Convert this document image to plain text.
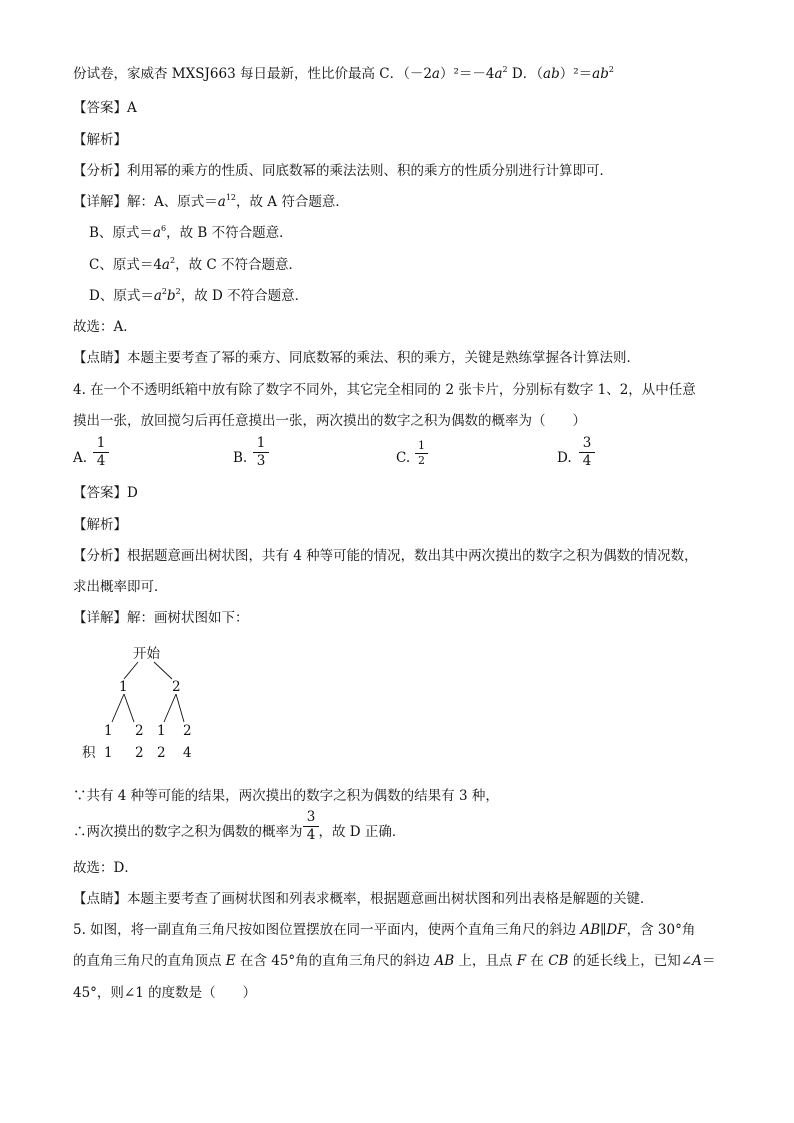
份试卷，家威杏 MXSJ663 每日最新，性比价最高 C．$(-2a)^2=-4a^2$ D．$(ab)^2=ab^2$
【答案】A
【解析】
【分析】利用幂的乘方的性质、同底数幂的乘法法则、积的乘方的性质分别进行计算即可．
【详解】解：A、原式$=a^{12}$，故 A 符合题意．
B、原式$=a^6$，故 B 不符合题意．
C、原式$=4a^2$，故 C 不符合题意．
D、原式$=a^2b^2$，故 D 不符合题意．
故选：A．
【点睛】本题主要考查了幂的乘方、同底数幂的乘法、积的乘方，关键是熟练掌握各计算法则．
4. 在一个不透明纸箱中放有除了数字不同外，其它完全相同的 2 张卡片，分别标有数字 1、2，从中任意
摸出一张，放回搅匀后再任意摸出一张，两次摸出的数字之积为偶数的概率为（　　）
A.
1
4	B.
1
3	C.
1
2	D.
3
4
【答案】D
【解析】
【分析】根据题意画出树状图，共有 4 种等可能的情况，数出其中两次摸出的数字之积为偶数的情况数，
求出概率即可．
【详解】解：画树状图如下：
开始
1	2
1 2 1 2
积 1 2 2 4
∵共有 4 种等可能的结果，两次摸出的数字之积为偶数的结果有 3 种，
∴两次摸出的数字之积为偶数的概率为 ，故 D 正确．
3
4
故选：D．
【点睛】本题主要考查了画树状图和列表求概率，根据题意画出树状图和列出表格是解题的关键．
5. 如图，将一副直角三角尺按如图位置摆放在同一平面内，使两个直角三角尺的斜边 AB∥DF，含 30°角
的直角三角尺的直角顶点 E 在含 45°角的直角三角尺的斜边 AB 上，且点 F 在 CB 的延长线上，已知∠A＝
45°，则∠1 的度数是（　　）
